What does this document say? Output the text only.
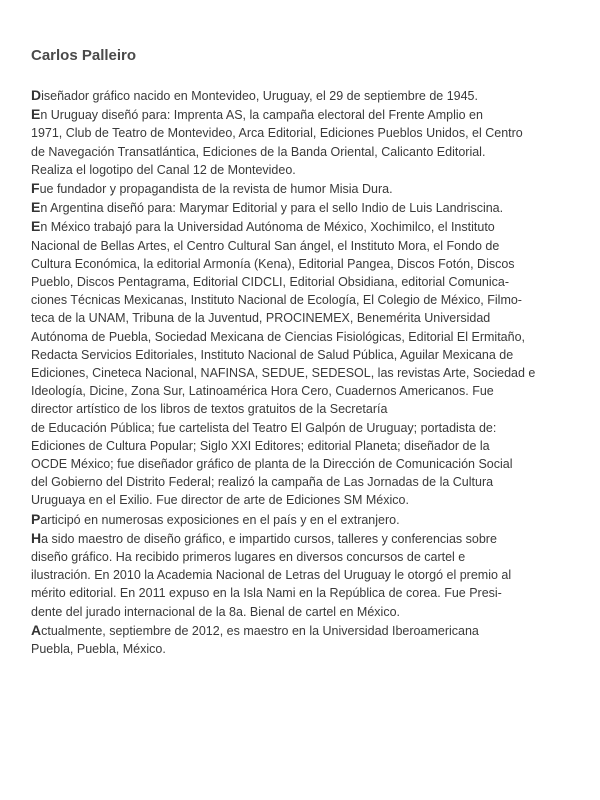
Carlos Palleiro
Diseñador gráfico nacido en Montevideo, Uruguay, el 29 de septiembre de 1945.
En Uruguay diseñó para: Imprenta AS, la campaña electoral del Frente Amplio en
1971, Club de Teatro de Montevideo, Arca Editorial, Ediciones Pueblos Unidos, el Centro
de Navegación Transatlántica, Ediciones de la Banda Oriental, Calicanto Editorial.
Realiza el logotipo del Canal 12 de Montevideo.
Fue fundador y propagandista de la revista de humor Misia Dura.
En Argentina diseñó para: Marymar Editorial y para el sello Indio de Luis Landriscina.
En México trabajó para la Universidad Autónoma de México, Xochimilco, el Instituto
Nacional de Bellas Artes, el Centro Cultural San ángel, el Instituto Mora, el Fondo de
Cultura Económica, la editorial Armonía (Kena), Editorial Pangea, Discos Fotón, Discos
Pueblo, Discos Pentagrama, Editorial CIDCLI, Editorial Obsidiana, editorial Comunica-
ciones Técnicas Mexicanas, Instituto Nacional de Ecología, El Colegio de México, Filmo-
teca de la UNAM, Tribuna de la Juventud, PROCINEMEX, Benemérita Universidad
Autónoma de Puebla, Sociedad Mexicana de Ciencias Fisiológicas, Editorial El Ermitaño,
Redacta Servicios Editoriales, Instituto Nacional de Salud Pública, Aguilar Mexicana de
Ediciones, Cineteca Nacional, NAFINSA, SEDUE, SEDESOL, las revistas Arte, Sociedad e
Ideología, Dicine, Zona Sur, Latinoamérica Hora Cero, Cuadernos Americanos. Fue
director artístico de los libros de textos gratuitos de la Secretaría
de Educación Pública; fue cartelista del Teatro El Galpón de Uruguay; portadista de:
Ediciones de Cultura Popular; Siglo XXI Editores; editorial Planeta; diseñador de la
OCDE México; fue diseñador gráfico de planta de la Dirección de Comunicación Social
del Gobierno del Distrito Federal; realizó la campaña de Las Jornadas de la Cultura
Uruguaya en el Exilio. Fue director de arte de Ediciones SM México.
Participó en numerosas exposiciones en el país y en el extranjero.
Ha sido maestro de diseño gráfico, e impartido cursos, talleres y conferencias sobre
diseño gráfico. Ha recibido primeros lugares en diversos concursos de cartel e
ilustración. En 2010 la Academia Nacional de Letras del Uruguay le otorgó el premio al
mérito editorial. En 2011 expuso en la Isla Nami en la República de corea. Fue Presi-
dente del jurado internacional de la 8a. Bienal de cartel en México.
Actualmente, septiembre de 2012, es maestro en la Universidad Iberoamericana
Puebla, Puebla, México.
